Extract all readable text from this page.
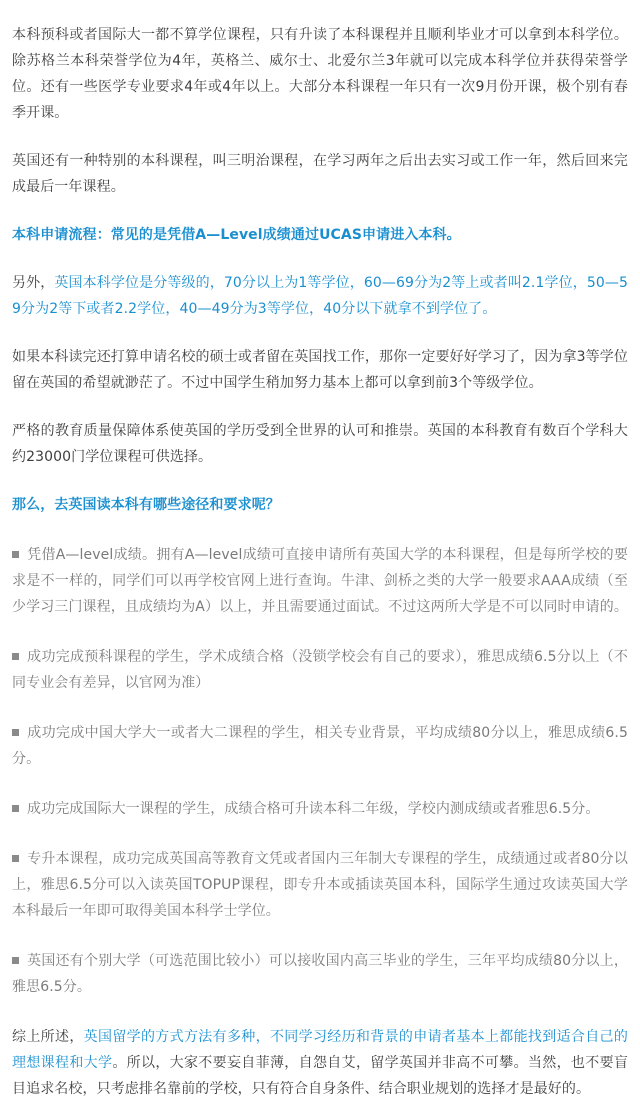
本科预科或者国际大一都不算学位课程，只有升读了本科课程并且顺利毕业才可以拿到本科学位。除苏格兰本科荣誉学位为4年，英格兰、威尔士、北爱尔兰3年就可以完成本科学位并获得荣誉学位。还有一些医学专业要求4年或4年以上。大部分本科课程一年只有一次9月份开课，极个别有春季开课。

英国还有一种特别的本科课程，叫三明治课程，在学习两年之后出去实习或工作一年，然后回来完成最后一年课程。

本科申请流程：常见的是凭借A—Level成绩通过UCAS申请进入本科。

另外，英国本科学位是分等级的，70分以上为1等学位，60—69分为2等上或者叫2.1学位，50—59分为2等下或者2.2学位，40—49分为3等学位，40分以下就拿不到学位了。

如果本科读完还打算申请名校的硕士或者留在英国找工作，那你一定要好好学习了，因为拿3等学位留在英国的希望就渺茫了。不过中国学生稍加努力基本上都可以拿到前3个等级学位。

严格的教育质量保障体系使英国的学历受到全世界的认可和推崇。英国的本科教育有数百个学科大约23000门学位课程可供选择。

那么，去英国读本科有哪些途径和要求呢？

凭借A—level成绩。拥有A—level成绩可直接申请所有英国大学的本科课程，但是每所学校的要求是不一样的，同学们可以再学校官网上进行查询。牛津、剑桥之类的大学一般要求AAA成绩（至少学习三门课程，且成绩均为A）以上，并且需要通过面试。不过这两所大学是不可以同时申请的。

成功完成预科课程的学生，学术成绩合格（没锁学校会有自己的要求），雅思成绩6.5分以上（不同专业会有差异，以官网为准）

成功完成中国大学大一或者大二课程的学生，相关专业背景，平均成绩80分以上，雅思成绩6.5分。

成功完成国际大一课程的学生，成绩合格可升读本科二年级，学校内测成绩或者雅思6.5分。

专升本课程，成功完成英国高等教育文凭或者国内三年制大专课程的学生，成绩通过或者80分以上，雅思6.5分可以入读英国TOPUP课程，即专升本或插读英国本科，国际学生通过攻读英国大学本科最后一年即可取得美国本科学士学位。

英国还有个别大学（可选范围比较小）可以接收国内高三毕业的学生，三年平均成绩80分以上，雅思6.5分。

综上所述，英国留学的方式方法有多种，不同学习经历和背景的申请者基本上都能找到适合自己的理想课程和大学。所以，大家不要妄自菲薄，自怨自艾，留学英国并非高不可攀。当然，也不要盲目追求名校，只考虑排名靠前的学校，只有符合自身条件、结合职业规划的选择才是最好的。
